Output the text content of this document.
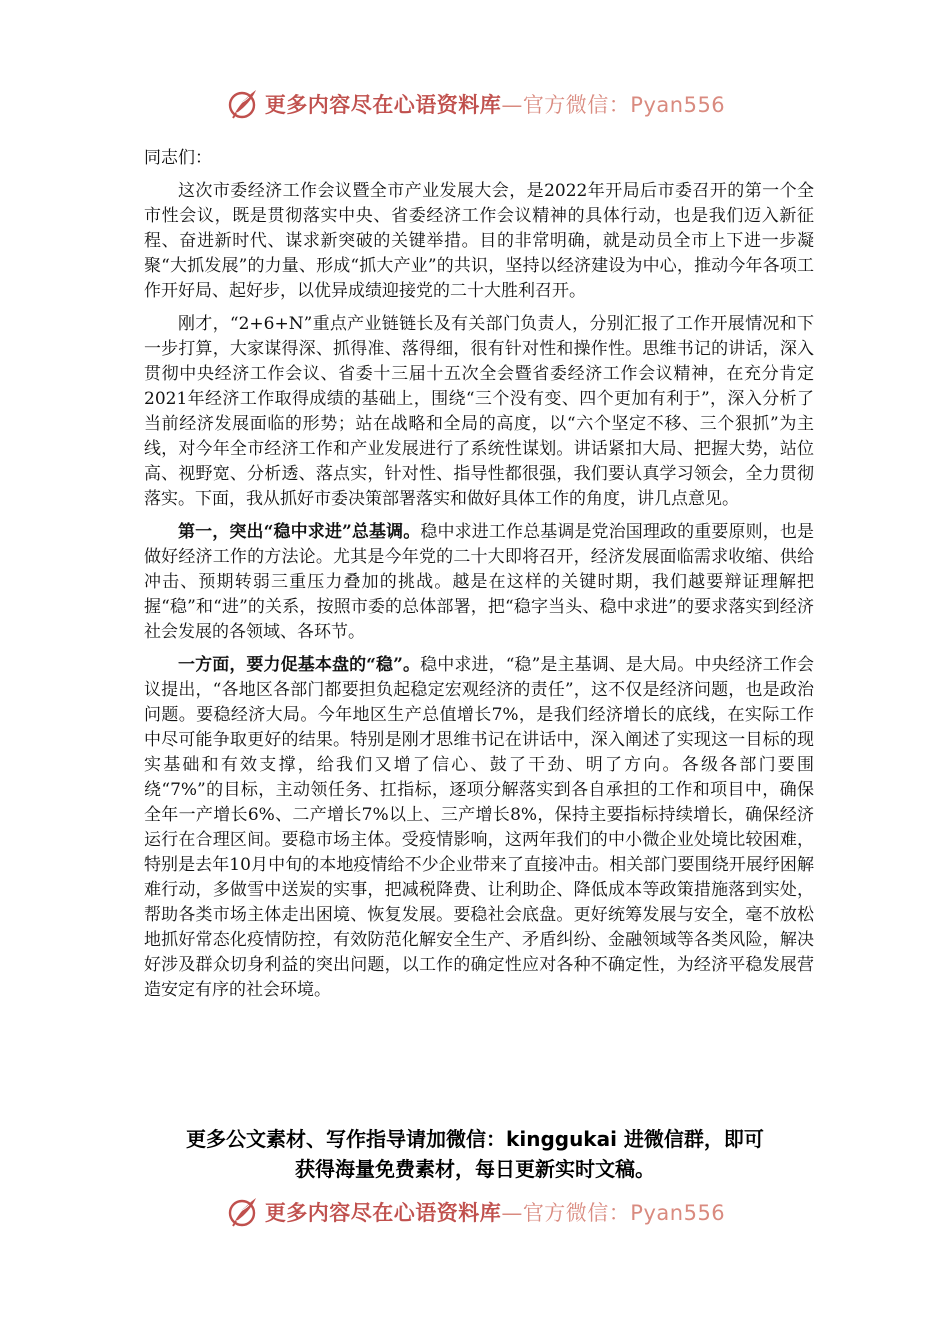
更多内容尽在心语资料库 —官方微信：Pyan556

同志们：

这次市委经济工作会议暨全市产业发展大会，是2022年开局后市委召开的第一个全市性会议，既是贯彻落实中央、省委经济工作会议精神的具体行动，也是我们迈入新征程、奋进新时代、谋求新突破的关键举措。目的非常明确，就是动员全市上下进一步凝聚“大抓发展”的力量、形成“抓大产业”的共识，坚持以经济建设为中心，推动今年各项工作开好局、起好步，以优异成绩迎接党的二十大胜利召开。

刚才，“2+6+N”重点产业链链长及有关部门负责人，分别汇报了工作开展情况和下一步打算，大家谋得深、抓得准、落得细，很有针对性和操作性。思维书记的讲话，深入贯彻中央经济工作会议、省委十三届十五次全会暨省委经济工作会议精神，在充分肯定2021年经济工作取得成绩的基础上，围绕“三个没有变、四个更加有利于”，深入分析了当前经济发展面临的形势；站在战略和全局的高度，以“六个坚定不移、三个狠抓”为主线，对今年全市经济工作和产业发展进行了系统性谋划。讲话紧扣大局、把握大势，站位高、视野宽、分析透、落点实，针对性、指导性都很强，我们要认真学习领会，全力贯彻落实。下面，我从抓好市委决策部署落实和做好具体工作的角度，讲几点意见。

第一，突出“稳中求进”总基调。稳中求进工作总基调是党治国理政的重要原则，也是做好经济工作的方法论。尤其是今年党的二十大即将召开，经济发展面临需求收缩、供给冲击、预期转弱三重压力叠加的挑战。越是在这样的关键时期，我们越要辩证理解把握“稳”和“进”的关系，按照市委的总体部署，把“稳字当头、稳中求进”的要求落实到经济社会发展的各领域、各环节。

一方面，要力促基本盘的“稳”。稳中求进，“稳”是主基调、是大局。中央经济工作会议提出，“各地区各部门都要担负起稳定宏观经济的责任”，这不仅是经济问题，也是政治问题。要稳经济大局。今年地区生产总值增长7%，是我们经济增长的底线，在实际工作中尽可能争取更好的结果。特别是刚才思维书记在讲话中，深入阐述了实现这一目标的现实基础和有效支撑，给我们又增了信心、鼓了干劲、明了方向。各级各部门要围绕“7%”的目标，主动领任务、扛指标，逐项分解落实到各自承担的工作和项目中，确保全年一产增长6%、二产增长7%以上、三产增长8%，保持主要指标持续增长，确保经济运行在合理区间。要稳市场主体。受疫情影响，这两年我们的中小微企业处境比较困难，特别是去年10月中旬的本地疫情给不少企业带来了直接冲击。相关部门要围绕开展纾困解难行动，多做雪中送炭的实事，把减税降费、让利助企、降低成本等政策措施落到实处，帮助各类市场主体走出困境、恢复发展。要稳社会底盘。更好统筹发展与安全，毫不放松地抓好常态化疫情防控，有效防范化解安全生产、矛盾纠纷、金融领域等各类风险，解决好涉及群众切身利益的突出问题，以工作的确定性应对各种不确定性，为经济平稳发展营造安定有序的社会环境。

更多公文素材、写作指导请加微信：kinggukai 进微信群，即可
获得海量免费素材，每日更新实时文稿。
更多内容尽在心语资料库 —官方微信：Pyan556
